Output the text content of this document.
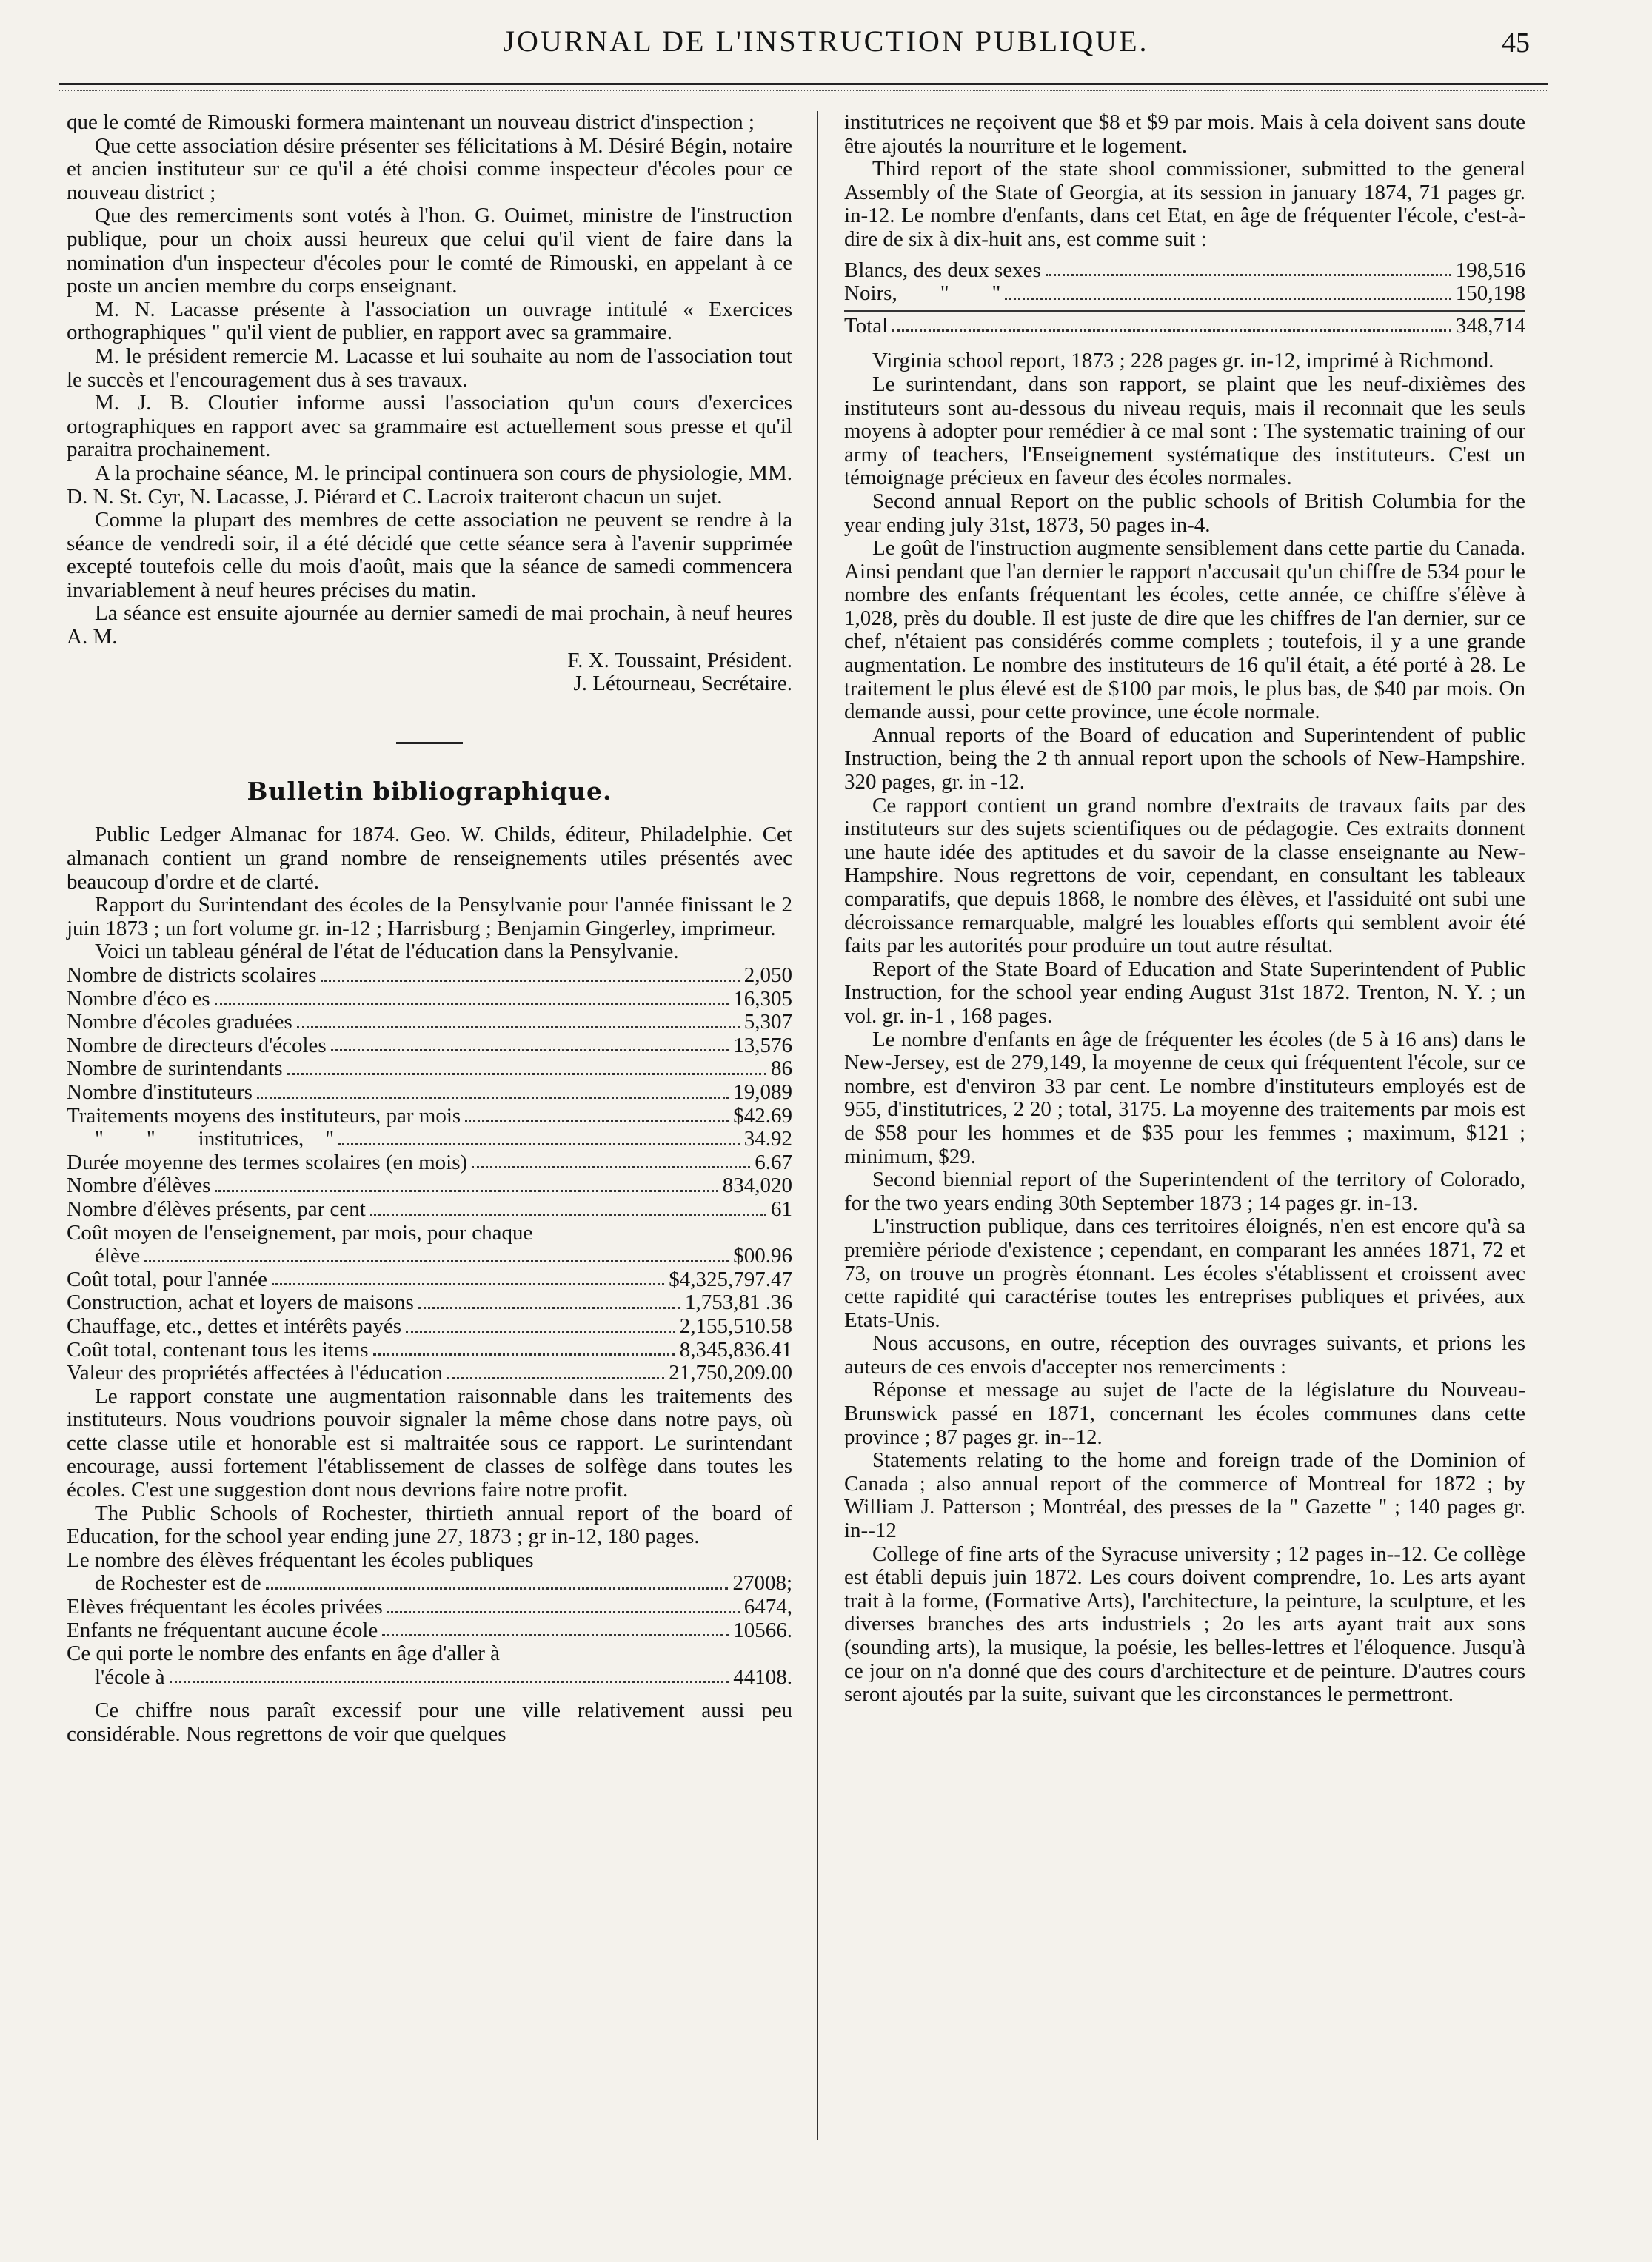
JOURNAL DE L'INSTRUCTION PUBLIQUE.	45

que le comté de Rimouski formera maintenant un nouveau district d'inspection ;

Que cette association désire présenter ses félicitations à M. Désiré Bégin, notaire et ancien instituteur sur ce qu'il a été choisi comme inspecteur d'écoles pour ce nouveau district ;

Que des remerciments sont votés à l'hon. G. Ouimet, ministre de l'instruction publique, pour un choix aussi heureux que celui qu'il vient de faire dans la nomination d'un inspecteur d'écoles pour le comté de Rimouski, en appelant à ce poste un ancien membre du corps enseignant.

M. N. Lacasse présente à l'association un ouvrage intitulé « Exercices orthographiques " qu'il vient de publier, en rapport avec sa grammaire.

M. le président remercie M. Lacasse et lui souhaite au nom de l'association tout le succès et l'encouragement dus à ses travaux.

M. J. B. Cloutier informe aussi l'association qu'un cours d'exercices ortographiques en rapport avec sa grammaire est actuellement sous presse et qu'il paraitra prochainement.

A la prochaine séance, M. le principal continuera son cours de physiologie, MM. D. N. St. Cyr, N. Lacasse, J. Piérard et C. Lacroix traiteront chacun un sujet.

Comme la plupart des membres de cette association ne peuvent se rendre à la séance de vendredi soir, il a été décidé que cette séance sera à l'avenir supprimée excepté toutefois celle du mois d'août, mais que la séance de samedi commencera invariablement à neuf heures précises du matin.

La séance est ensuite ajournée au dernier samedi de mai prochain, à neuf heures A. M.

F. X. Toussaint, Président.

J. Létourneau, Secrétaire.

Bulletin bibliographique.

Public Ledger Almanac for 1874. Geo. W. Childs, éditeur, Philadelphie. Cet almanach contient un grand nombre de renseignements utiles présentés avec beaucoup d'ordre et de clarté.

Rapport du Surintendant des écoles de la Pensylvanie pour l'année finissant le 2 juin 1873 ; un fort volume gr. in-12 ; Harrisburg ; Benjamin Gingerley, imprimeur.

Voici un tableau général de l'état de l'éducation dans la Pensylvanie.

Nombre de districts scolaires	2,050
Nombre d'éco es	16,305
Nombre d'écoles graduées	5,307
Nombre de directeurs d'écoles	13,576
Nombre de surintendants	86
Nombre d'instituteurs	19,089
Traitements moyens des instituteurs, par mois	$42.69
"        "        institutrices,    "	34.92
Durée moyenne des termes scolaires (en mois)	6.67
Nombre d'élèves	834,020
Nombre d'élèves présents, par cent	61
Coût moyen de l'enseignement, par mois, pour chaque
élève	$00.96
Coût total, pour l'année	$4,325,797.47
Construction, achat et loyers de maisons	1,753,81 .36
Chauffage, etc., dettes et intérêts payés	2,155,510.58
Coût total, contenant tous les items	8,345,836.41
Valeur des propriétés affectées à l'éducation	21,750,209.00

Le rapport constate une augmentation raisonnable dans les traitements des instituteurs. Nous voudrions pouvoir signaler la même chose dans notre pays, où cette classe utile et honorable est si maltraitée sous ce rapport. Le surintendant encourage, aussi fortement l'établissement de classes de solfège dans toutes les écoles. C'est une suggestion dont nous devrions faire notre profit.

The Public Schools of Rochester, thirtieth annual report of the board of Education, for the school year ending june 27, 1873 ; gr in-12, 180 pages.

Le nombre des élèves fréquentant les écoles publiques
de Rochester est de	27008;
Elèves fréquentant les écoles privées	6474,
Enfants ne fréquentant aucune école	10566.
Ce qui porte le nombre des enfants en âge d'aller à
l'école à	44108.

Ce chiffre nous paraît excessif pour une ville relativement aussi peu considérable. Nous regrettons de voir que quelques

institutrices ne reçoivent que $8 et $9 par mois. Mais à cela doivent sans doute être ajoutés la nourriture et le logement.

Third report of the state shool commissioner, submitted to the general Assembly of the State of Georgia, at its session in january 1874, 71 pages gr. in-12. Le nombre d'enfants, dans cet Etat, en âge de fréquenter l'école, c'est-à-dire de six à dix-huit ans, est comme suit :

Blancs, des deux sexes	198,516
Noirs,        "        "	150,198
Total	348,714

Virginia school report, 1873 ; 228 pages gr. in-12, imprimé à Richmond.

Le surintendant, dans son rapport, se plaint que les neuf-dixièmes des instituteurs sont au-dessous du niveau requis, mais il reconnait que les seuls moyens à adopter pour remédier à ce mal sont : The systematic training of our army of teachers, l'Enseignement systématique des instituteurs. C'est un témoignage précieux en faveur des écoles normales.

Second annual Report on the public schools of British Columbia for the year ending july 31st, 1873, 50 pages in-4.

Le goût de l'instruction augmente sensiblement dans cette partie du Canada. Ainsi pendant que l'an dernier le rapport n'accusait qu'un chiffre de 534 pour le nombre des enfants fréquentant les écoles, cette année, ce chiffre s'élève à 1,028, près du double. Il est juste de dire que les chiffres de l'an dernier, sur ce chef, n'étaient pas considérés comme complets ; toutefois, il y a une grande augmentation. Le nombre des instituteurs de 16 qu'il était, a été porté à 28. Le traitement le plus élevé est de $100 par mois, le plus bas, de $40 par mois. On demande aussi, pour cette province, une école normale.

Annual reports of the Board of education and Superintendent of public Instruction, being the 2 th annual report upon the schools of New-Hampshire. 320 pages, gr. in -12.

Ce rapport contient un grand nombre d'extraits de travaux faits par des instituteurs sur des sujets scientifiques ou de pédagogie. Ces extraits donnent une haute idée des aptitudes et du savoir de la classe enseignante au New-Hampshire. Nous regrettons de voir, cependant, en consultant les tableaux comparatifs, que depuis 1868, le nombre des élèves, et l'assiduité ont subi une décroissance remarquable, malgré les louables efforts qui semblent avoir été faits par les autorités pour produire un tout autre résultat.

Report of the State Board of Education and State Superintendent of Public Instruction, for the school year ending August 31st 1872. Trenton, N. Y. ; un vol. gr. in-1 , 168 pages.

Le nombre d'enfants en âge de fréquenter les écoles (de 5 à 16 ans) dans le New-Jersey, est de 279,149, la moyenne de ceux qui fréquentent l'école, sur ce nombre, est d'environ 33 par cent. Le nombre d'instituteurs employés est de 955, d'institutrices, 2 20 ; total, 3175. La moyenne des traitements par mois est de $58 pour les hommes et de $35 pour les femmes ; maximum, $121 ; minimum, $29.

Second biennial report of the Superintendent of the territory of Colorado, for the two years ending 30th September 1873 ; 14 pages gr. in-13.

L'instruction publique, dans ces territoires éloignés, n'en est encore qu'à sa première période d'existence ; cependant, en comparant les années 1871, 72 et 73, on trouve un progrès étonnant. Les écoles s'établissent et croissent avec cette rapidité qui caractérise toutes les entreprises publiques et privées, aux Etats-Unis.

Nous accusons, en outre, réception des ouvrages suivants, et prions les auteurs de ces envois d'accepter nos remerciments :

Réponse et message au sujet de l'acte de la législature du Nouveau-Brunswick passé en 1871, concernant les écoles communes dans cette province ; 87 pages gr. in--12.

Statements relating to the home and foreign trade of the Dominion of Canada ; also annual report of the commerce of Montreal for 1872 ; by William J. Patterson ; Montréal, des presses de la " Gazette " ; 140 pages gr. in--12

College of fine arts of the Syracuse university ; 12 pages in--12. Ce collège est établi depuis juin 1872. Les cours doivent comprendre, 1o. Les arts ayant trait à la forme, (Formative Arts), l'architecture, la peinture, la sculpture, et les diverses branches des arts industriels ; 2o les arts ayant trait aux sons (sounding arts), la musique, la poésie, les belles-lettres et l'éloquence. Jusqu'à ce jour on n'a donné que des cours d'architecture et de peinture. D'autres cours seront ajoutés par la suite, suivant que les circonstances le permettront.
